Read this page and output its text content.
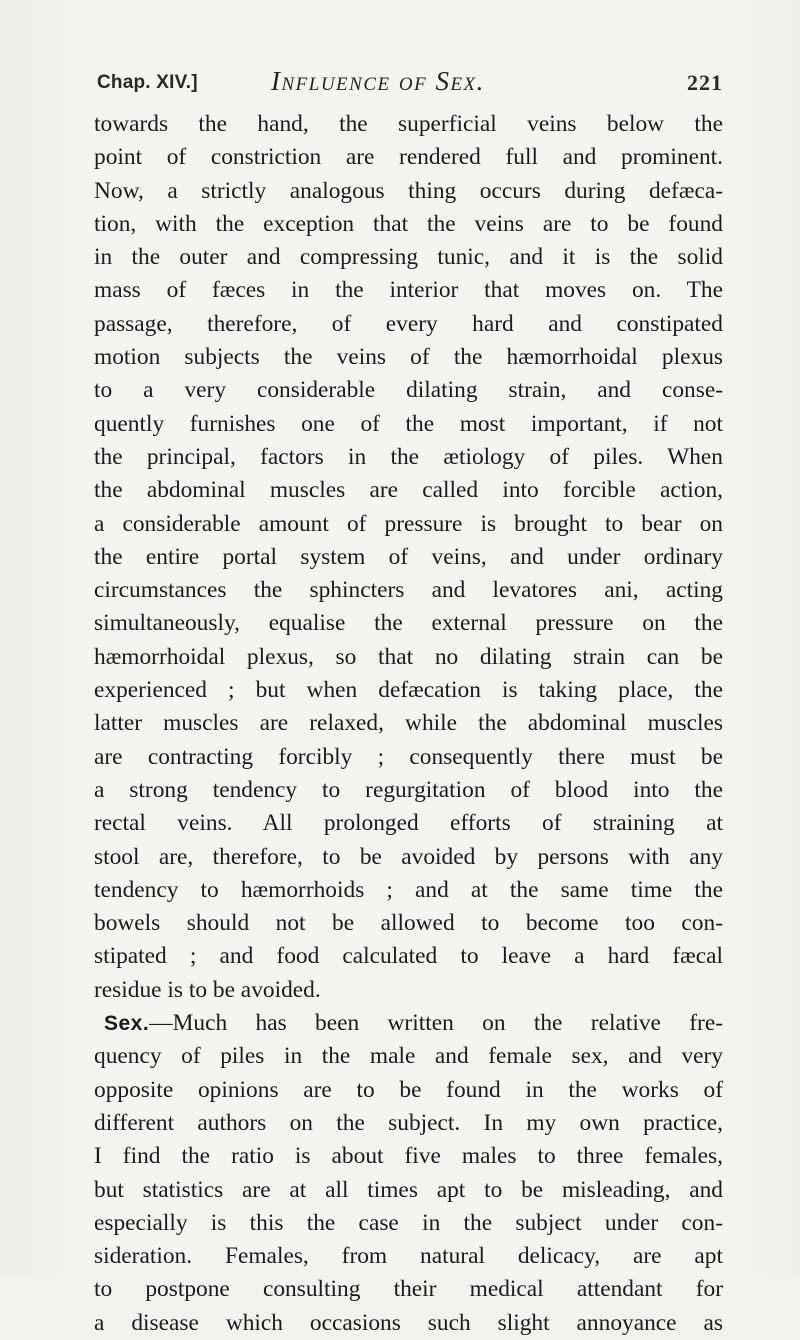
Chap. XIV.]	Influence of Sex.	221
towards the hand, the superficial veins below the
point of constriction are rendered full and prominent.
Now, a strictly analogous thing occurs during defæca-
tion, with the exception that the veins are to be found
in the outer and compressing tunic, and it is the solid
mass of fæces in the interior that moves on. The
passage, therefore, of every hard and constipated
motion subjects the veins of the hæmorrhoidal plexus
to a very considerable dilating strain, and conse-
quently furnishes one of the most important, if not
the principal, factors in the ætiology of piles. When
the abdominal muscles are called into forcible action,
a considerable amount of pressure is brought to bear on
the entire portal system of veins, and under ordinary
circumstances the sphincters and levatores ani, acting
simultaneously, equalise the external pressure on the
hæmorrhoidal plexus, so that no dilating strain can be
experienced ; but when defæcation is taking place, the
latter muscles are relaxed, while the abdominal muscles
are contracting forcibly ; consequently there must be
a strong tendency to regurgitation of blood into the
rectal veins. All prolonged efforts of straining at
stool are, therefore, to be avoided by persons with any
tendency to hæmorrhoids ; and at the same time the
bowels should not be allowed to become too con-
stipated ; and food calculated to leave a hard fæcal
residue is to be avoided.
Sex.—Much has been written on the relative fre-
quency of piles in the male and female sex, and very
opposite opinions are to be found in the works of
different authors on the subject. In my own practice,
I find the ratio is about five males to three females,
but statistics are at all times apt to be misleading, and
especially is this the case in the subject under con-
sideration. Females, from natural delicacy, are apt
to postpone consulting their medical attendant for
a disease which occasions such slight annoyance as
